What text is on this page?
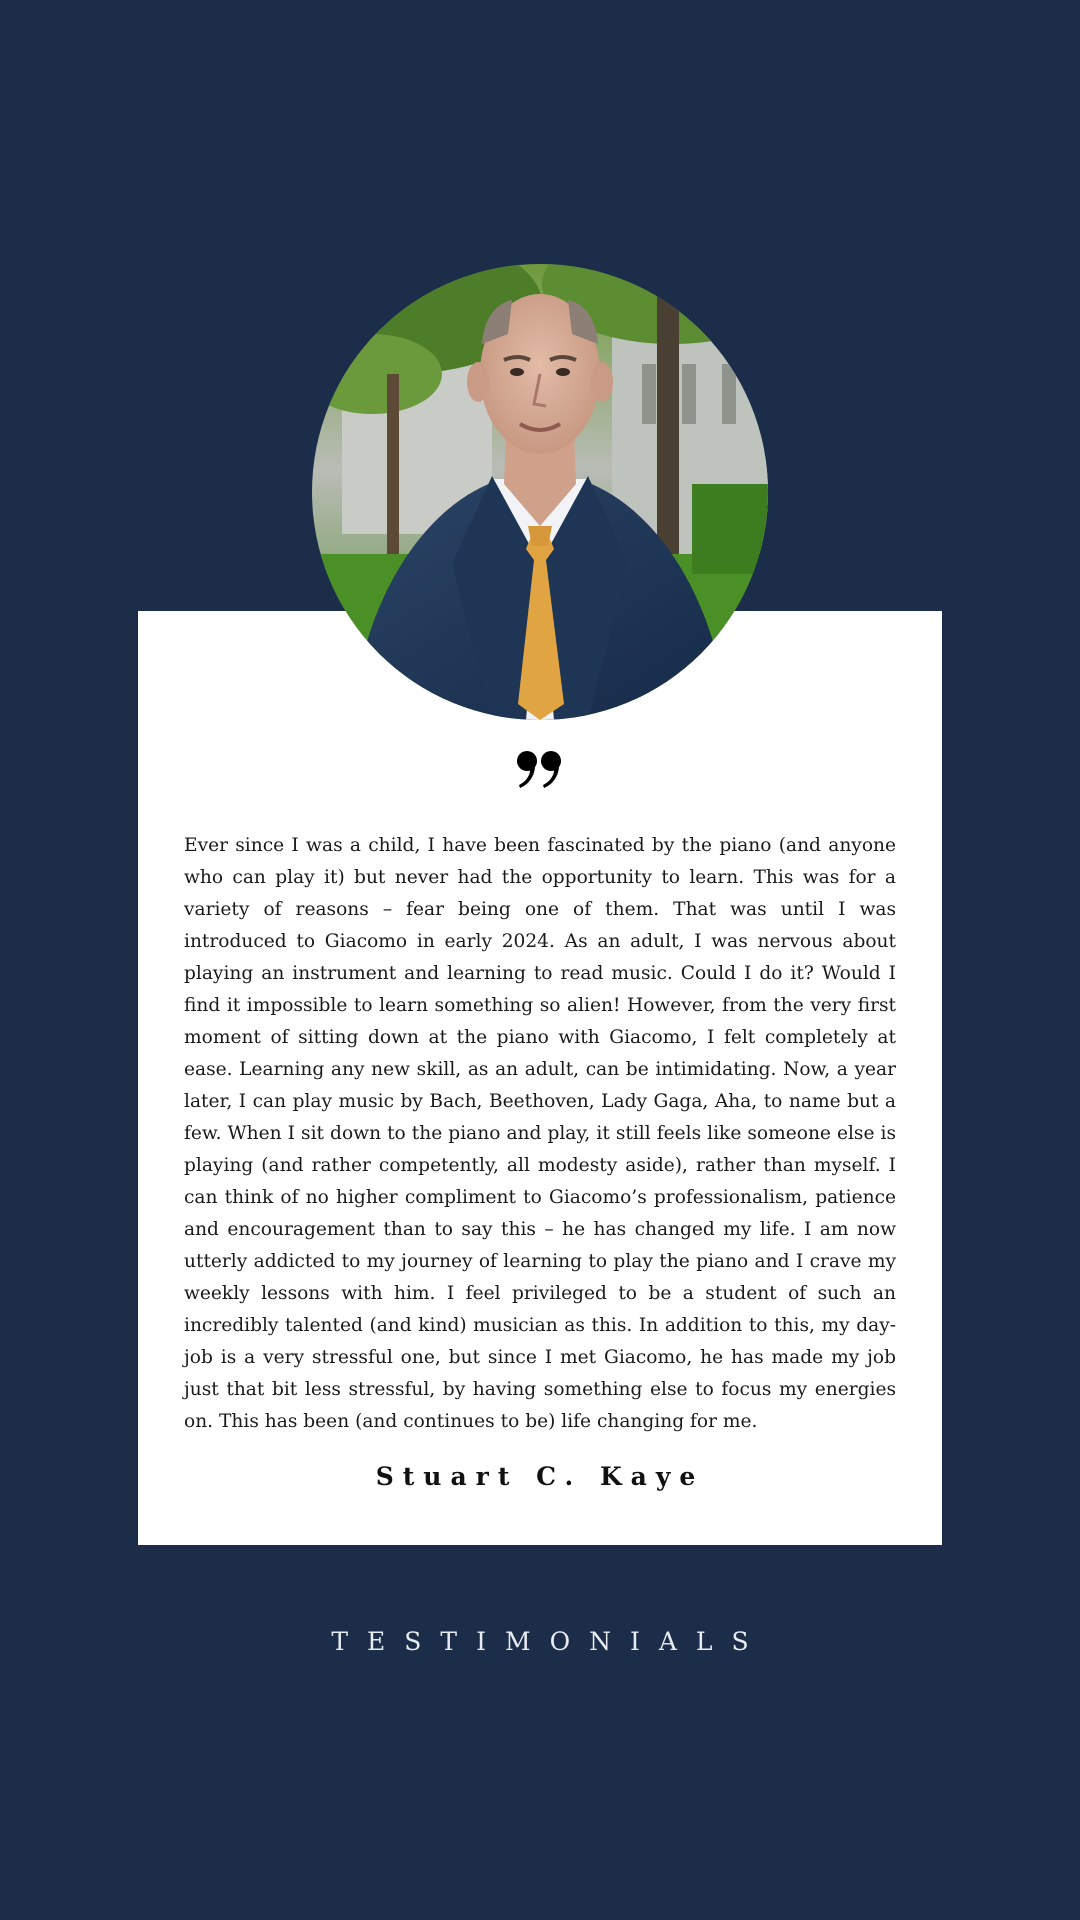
Ever since I was a child, I have been fascinated by the piano (and anyone who can play it) but never had the opportunity to learn. This was for a variety of reasons – fear being one of them. That was until I was introduced to Giacomo in early 2024. As an adult, I was nervous about playing an instrument and learning to read music. Could I do it? Would I find it impossible to learn something so alien! However, from the very first moment of sitting down at the piano with Giacomo, I felt completely at ease. Learning any new skill, as an adult, can be intimidating. Now, a year later, I can play music by Bach, Beethoven, Lady Gaga, Aha, to name but a few. When I sit down to the piano and play, it still feels like someone else is playing (and rather competently, all modesty aside), rather than myself. I can think of no higher compliment to Giacomo’s professionalism, patience and encouragement than to say this – he has changed my life. I am now utterly addicted to my journey of learning to play the piano and I crave my weekly lessons with him. I feel privileged to be a student of such an incredibly talented (and kind) musician as this. In addition to this, my day-job is a very stressful one, but since I met Giacomo, he has made my job just that bit less stressful, by having something else to focus my energies on. This has been (and continues to be) life changing for me.

Stuart C. Kaye
TESTIMONIALS
